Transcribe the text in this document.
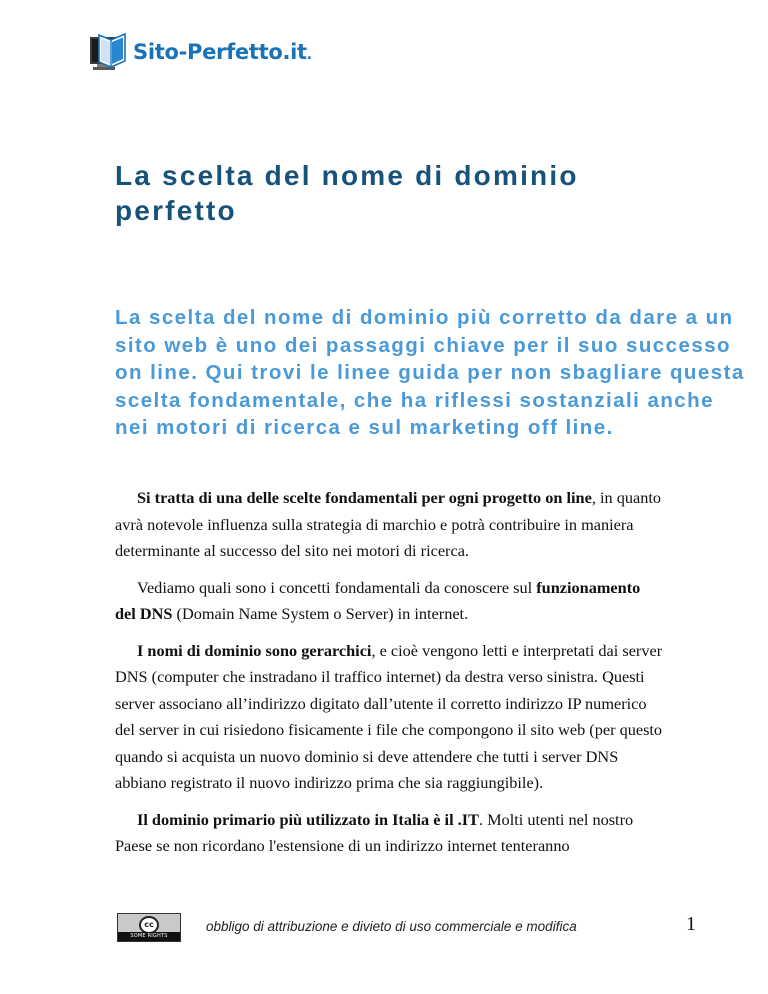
Sito-Perfetto.it.
La scelta del nome di dominio perfetto
La scelta del nome di dominio più corretto da dare a un sito web è uno dei passaggi chiave per il suo successo on line. Qui trovi le linee guida per non sbagliare questa scelta fondamentale, che ha riflessi sostanziali anche nei motori di ricerca e sul marketing off line.

Si tratta di una delle scelte fondamentali per ogni progetto on line, in quanto avrà notevole influenza sulla strategia di marchio e potrà contribuire in maniera determinante al successo del sito nei motori di ricerca.

Vediamo quali sono i concetti fondamentali da conoscere sul funzionamento del DNS (Domain Name System o Server) in internet.

I nomi di dominio sono gerarchici, e cioè vengono letti e interpretati dai server DNS (computer che instradano il traffico internet) da destra verso sinistra. Questi server associano all’indirizzo digitato dall’utente il corretto indirizzo IP numerico del server in cui risiedono fisicamente i file che compongono il sito web (per questo quando si acquista un nuovo dominio si deve attendere che tutti i server DNS abbiano registrato il nuovo indirizzo prima che sia raggiungibile).

Il dominio primario più utilizzato in Italia è il .IT. Molti utenti nel nostro Paese se non ricordano l'estensione di un indirizzo internet tenteranno

cc
SOME RIGHTS RESERVED
obbligo di attribuzione e divieto di uso commerciale e modifica	1
